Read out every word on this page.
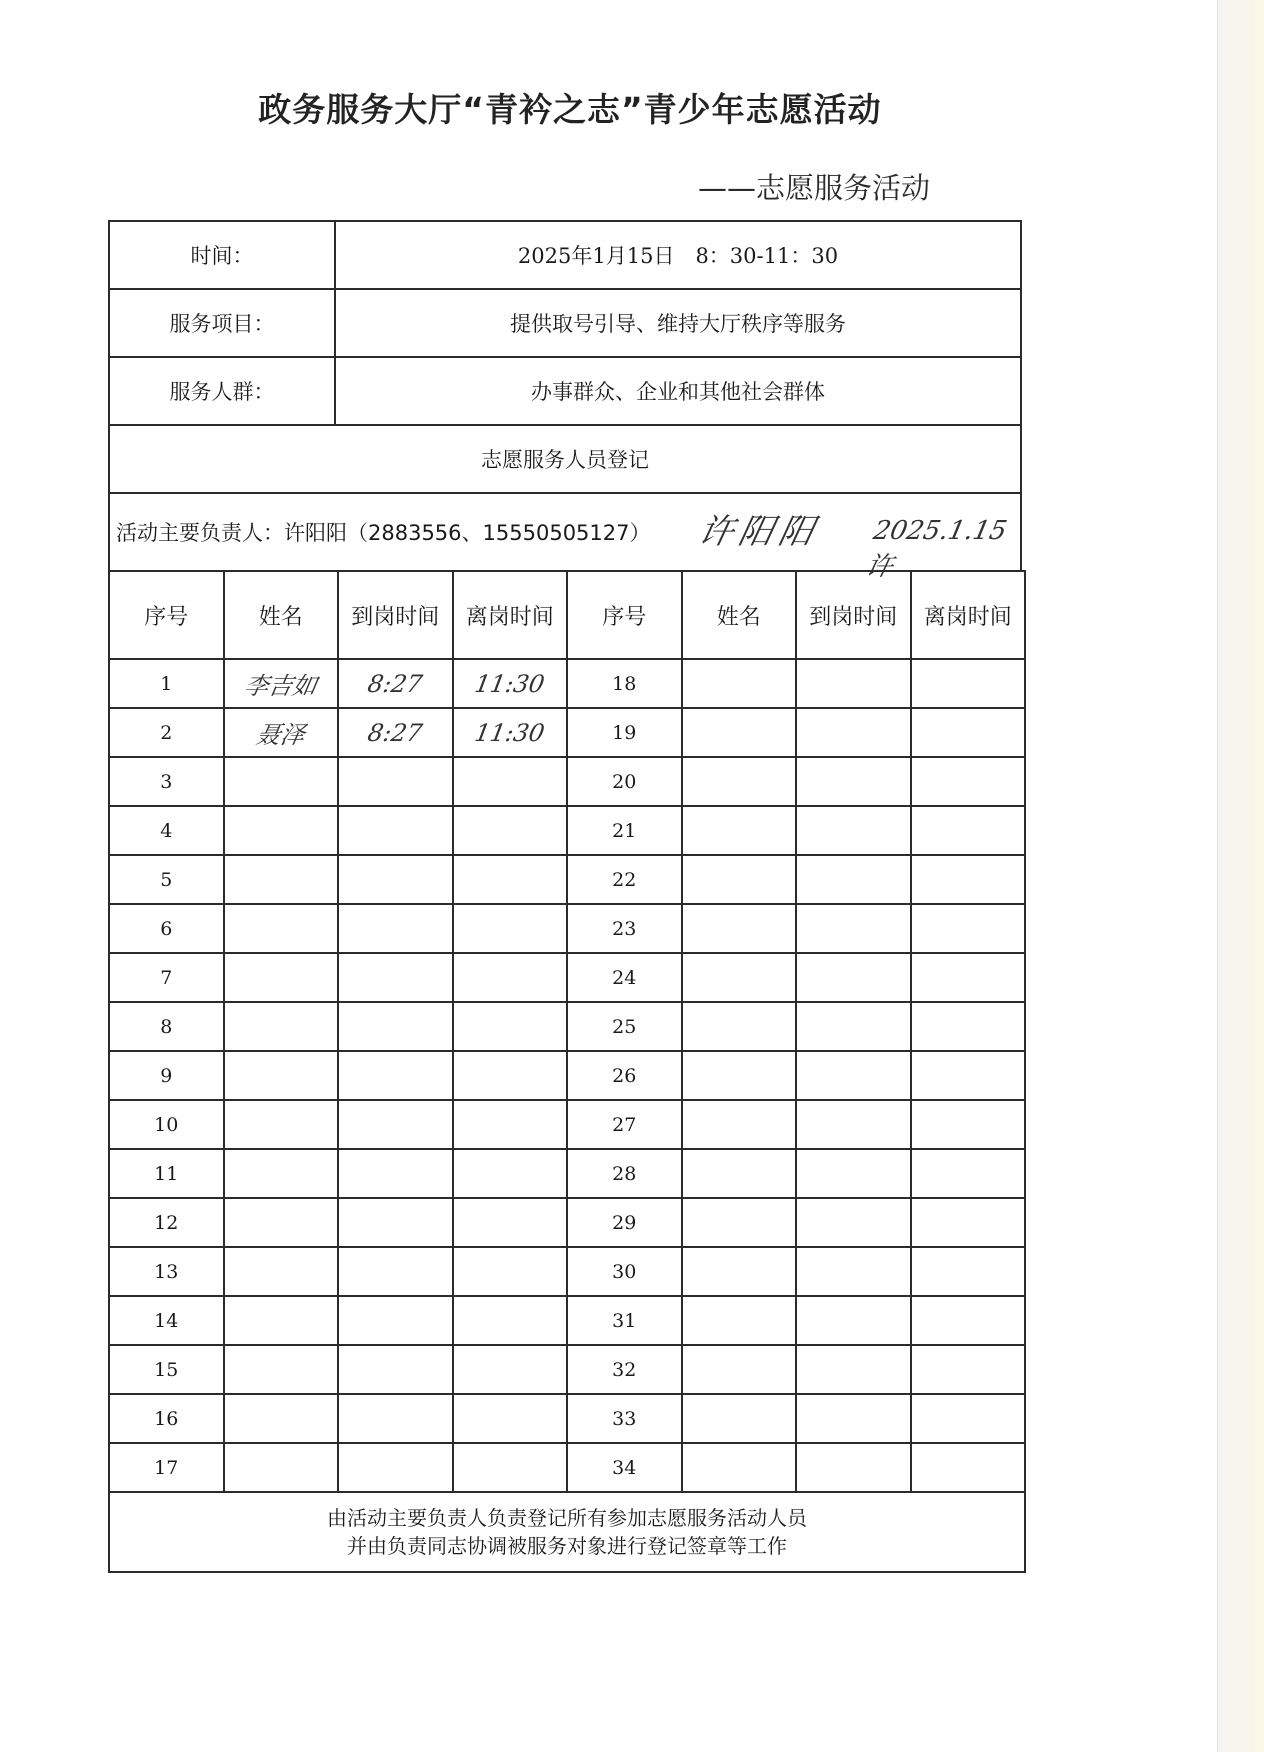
政务服务大厅“青衿之志”青少年志愿活动
——志愿服务活动
时间：	2025年1月15日　8：30-11：30
服务项目：	提供取号引导、维持大厅秩序等服务
服务人群：	办事群众、企业和其他社会群体
志愿服务人员登记	
活动主要负责人：许阳阳（2883556、15550505127） 许阳阳 2025.1.15 许	
序号	姓名	到岗时间	离岗时间	序号	姓名	到岗时间	离岗时间
1	李吉如	8:27	11:30	18			
2	聂泽	8:27	11:30	19			
3				20			
4				21			
5				22			
6				23			
7				24			
8				25			
9				26			
10				27			
11				28			
12				29			
13				30			
14				31			
15				32			
16				33			
17				34			
由活动主要负责人负责登记所有参加志愿服务活动人员
并由负责同志协调被服务对象进行登记签章等工作
